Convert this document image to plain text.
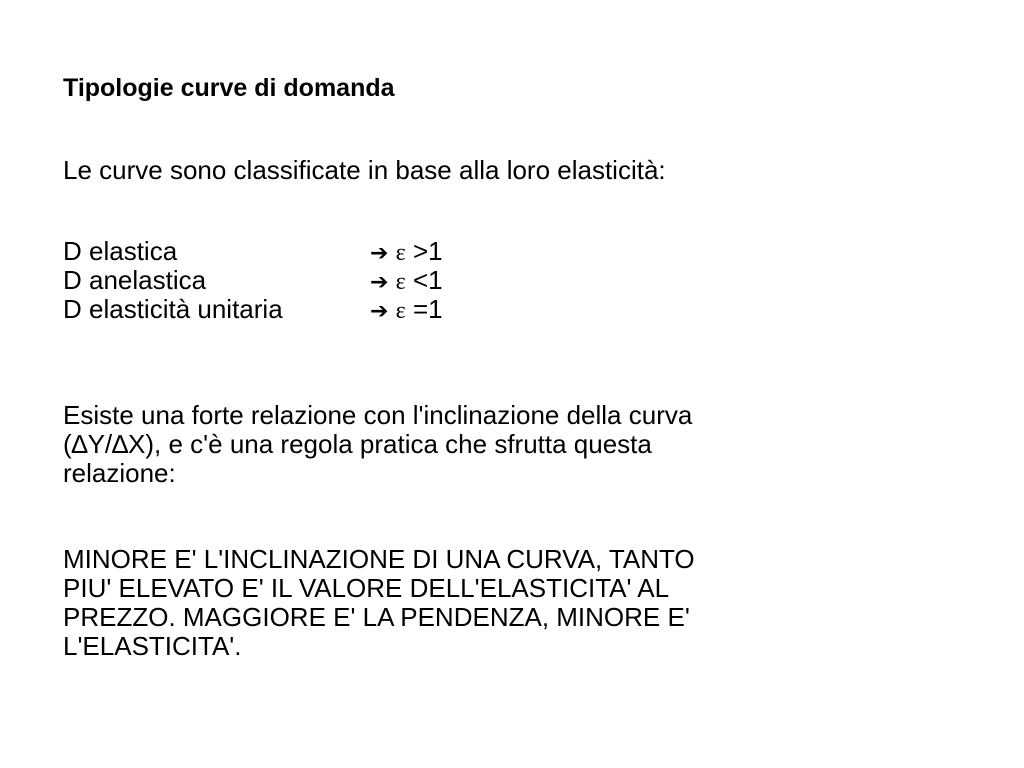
Tipologie curve di domanda
Le curve sono classificate in base alla loro elasticità:
D elastica	➔ ε >1
D anelastica	➔ ε <1
D elasticità unitaria	➔ ε =1
Esiste una forte relazione con l'inclinazione della curva
(∆Y/∆X), e c'è una regola pratica che sfrutta questa
relazione:
MINORE E' L'INCLINAZIONE DI UNA CURVA, TANTO
PIU' ELEVATO E' IL VALORE DELL'ELASTICITA' AL
PREZZO. MAGGIORE E' LA PENDENZA, MINORE E'
L'ELASTICITA'.
